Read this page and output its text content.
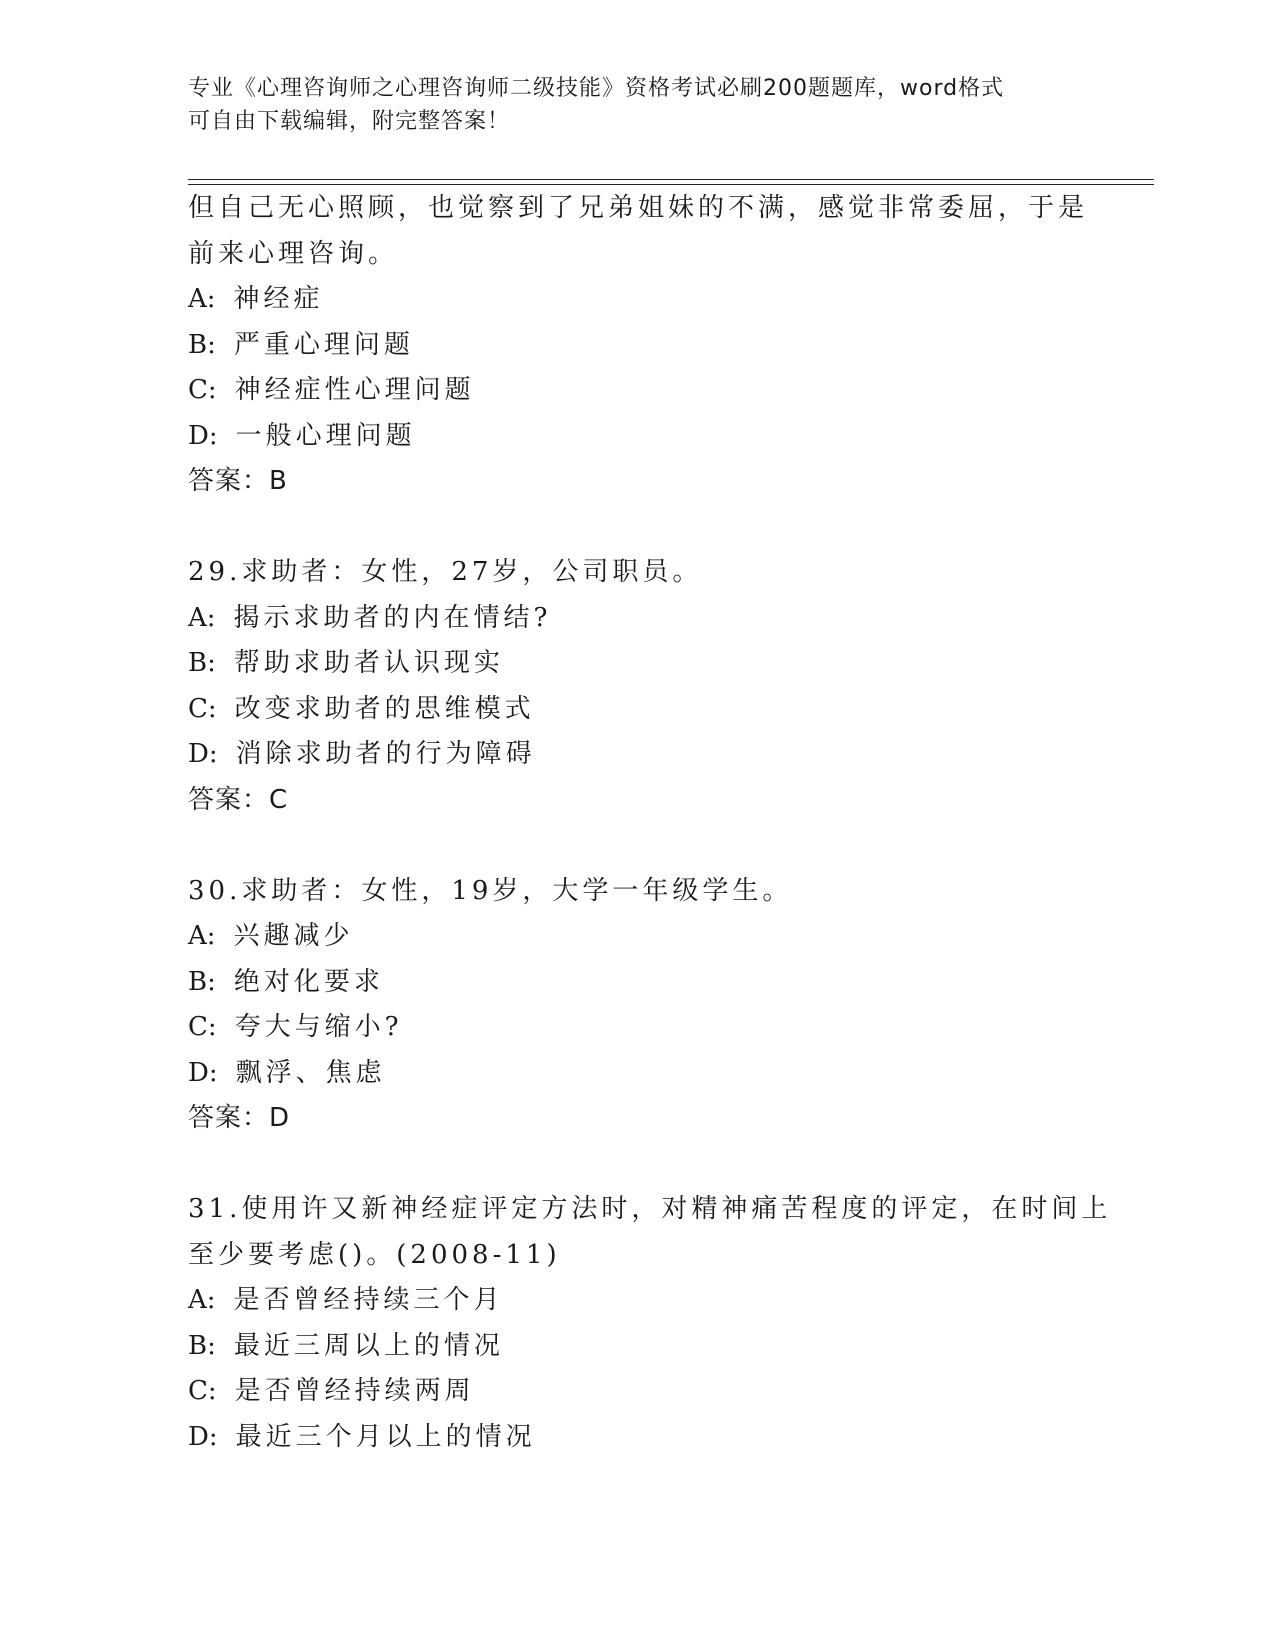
专业《心理咨询师之心理咨询师二级技能》资格考试必刷200题题库，word格式
可自由下载编辑，附完整答案！
但自己无心照顾，也觉察到了兄弟姐妹的不满，感觉非常委屈，于是
前来心理咨询。
A: 神经症
B: 严重心理问题
C: 神经症性心理问题
D: 一般心理问题
答案：B
29.求助者：女性，27岁，公司职员。
A: 揭示求助者的内在情结?
B: 帮助求助者认识现实
C: 改变求助者的思维模式
D: 消除求助者的行为障碍
答案：C
30.求助者：女性，19岁，大学一年级学生。
A: 兴趣减少
B: 绝对化要求
C: 夸大与缩小?
D: 飘浮、焦虑
答案：D
31.使用许又新神经症评定方法时，对精神痛苦程度的评定，在时间上
至少要考虑()。(2008-11)
A: 是否曾经持续三个月
B: 最近三周以上的情况
C: 是否曾经持续两周
D: 最近三个月以上的情况
